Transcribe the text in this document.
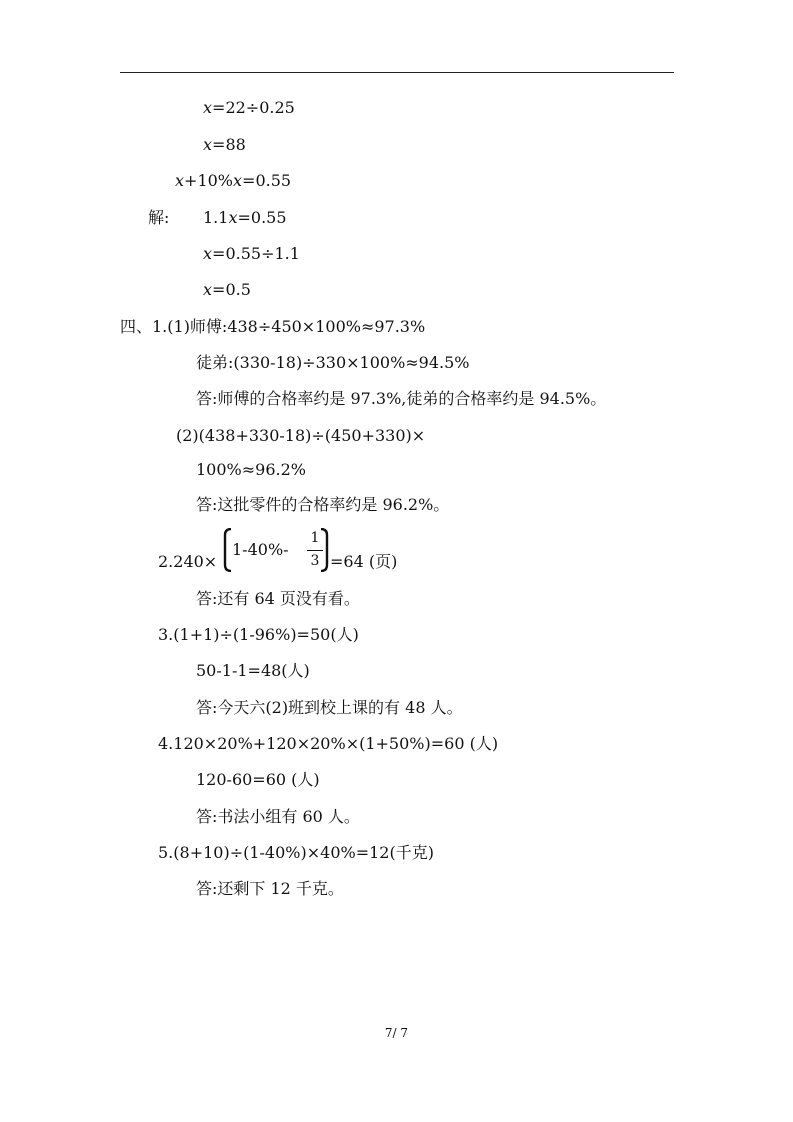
x=22÷0.25
x=88
x+10%x=0.55
解: 1.1x=0.55
x=0.55÷1.1
x=0.5
四、1.(1)师傅:438÷450×100%≈97.3%
徒弟:(330-18)÷330×100%≈94.5%
答:师傅的合格率约是 97.3%,徒弟的合格率约是 94.5%。
(2)(438+330-18)÷(450+330)×
100%≈96.2%
答:这批零件的合格率约是 96.2%。
2.240×
1-40%-
1
3 =64 (页)
答:还有 64 页没有看。
3.(1+1)÷(1-96%)=50(人)
50-1-1=48(人)
答:今天六(2)班到校上课的有 48 人。
4.120×20%+120×20%×(1+50%)=60 (人)
120-60=60 (人)
答:书法小组有 60 人。
5.(8+10)÷(1-40%)×40%=12(千克)
答:还剩下 12 千克。
7/ 7
